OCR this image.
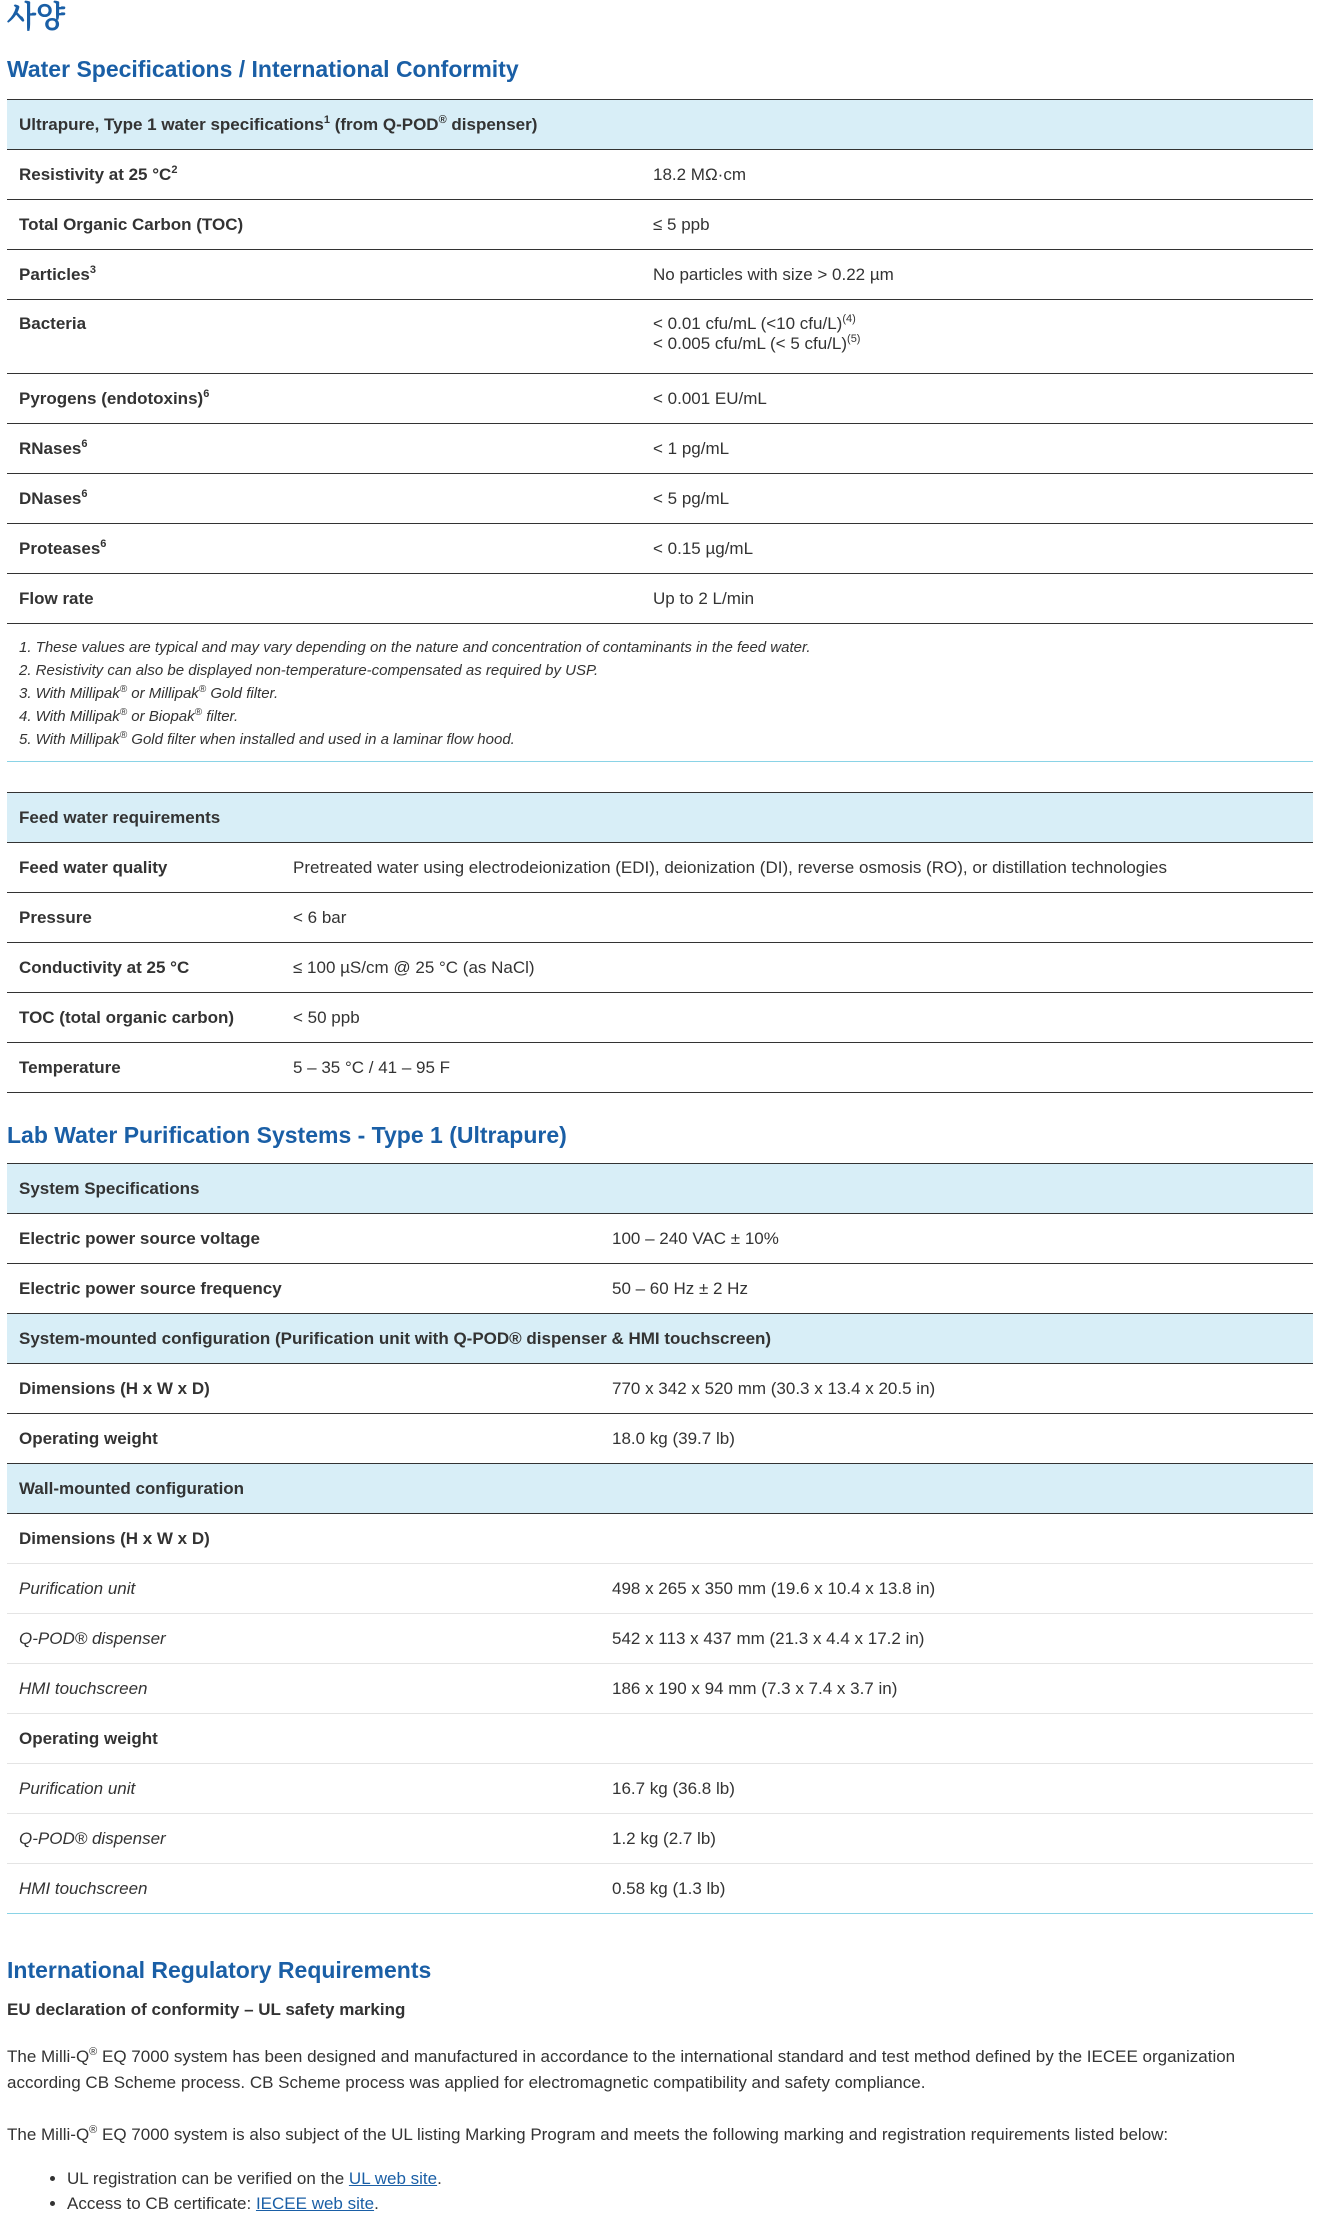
사양
Water Specifications / International Conformity
Ultrapure, Type 1 water specifications$^1$ (from Q-POD® dispenser)	
Resistivity at 25 $^\circ C^2$	18.2 MΩ·cm
Total Organic Carbon (TOC)	≤ 5 ppb
Particles$^3$	No particles with size > 0.22 µm
Bacteria	< 0.01 cfu/mL (<10 cfu/L)$^{(4)}$
< 0.005 cfu/mL (< 5 cfu/L)$^{(5)}$

Pyrogens (endotoxins)$^6$	< 0.001 EU/mL
RNases$^6$	< 1 pg/mL
DNases$^6$	< 5 pg/mL
Proteases$^6$	< 0.15 µg/mL
Flow rate	Up to 2 L/min
1. These values are typical and may vary depending on the nature and concentration of contaminants in the feed water.
2. Resistivity can also be displayed non-temperature-compensated as required by USP.
3. With Millipak® or Millipak® Gold filter.
4. With Millipak® or Biopak® filter.
5. With Millipak® Gold filter when installed and used in a laminar flow hood.
Feed water requirements	
Feed water quality	Pretreated water using electrodeionization (EDI), deionization (DI), reverse osmosis (RO), or distillation technologies
Pressure	< 6 bar
Conductivity at 25 °C	≤ 100 µS/cm @ 25 °C (as NaCl)
TOC (total organic carbon)	< 50 ppb
Temperature	5 – 35 °C / 41 – 95 F
Lab Water Purification Systems - Type 1 (Ultrapure)
System Specifications	
Electric power source voltage	100 – 240 VAC ± 10%
Electric power source frequency	50 – 60 Hz ± 2 Hz
System-mounted configuration (Purification unit with Q-POD® dispenser & HMI touchscreen)	
Dimensions (H x W x D)	770 x 342 x 520 mm (30.3 x 13.4 x 20.5 in)
Operating weight	18.0 kg (39.7 lb)
Wall-mounted configuration	
Dimensions (H x W x D)	
Purification unit	498 x 265 x 350 mm (19.6 x 10.4 x 13.8 in)
Q-POD® dispenser	542 x 113 x 437 mm (21.3 x 4.4 x 17.2 in)
HMI touchscreen	186 x 190 x 94 mm (7.3 x 7.4 x 3.7 in)
Operating weight	
Purification unit	16.7 kg (36.8 lb)
Q-POD® dispenser	1.2 kg (2.7 lb)
HMI touchscreen	0.58 kg (1.3 lb)
International Regulatory Requirements
EU declaration of conformity – UL safety marking

The Milli-Q® EQ 7000 system has been designed and manufactured in accordance to the international standard and test method defined by the IECEE organization according CB Scheme process. CB Scheme process was applied for electromagnetic compatibility and safety compliance.

The Milli-Q® EQ 7000 system is also subject of the UL listing Marking Program and meets the following marking and registration requirements listed below:

• UL registration can be verified on the UL web site.
• Access to CB certificate: IECEE web site.
